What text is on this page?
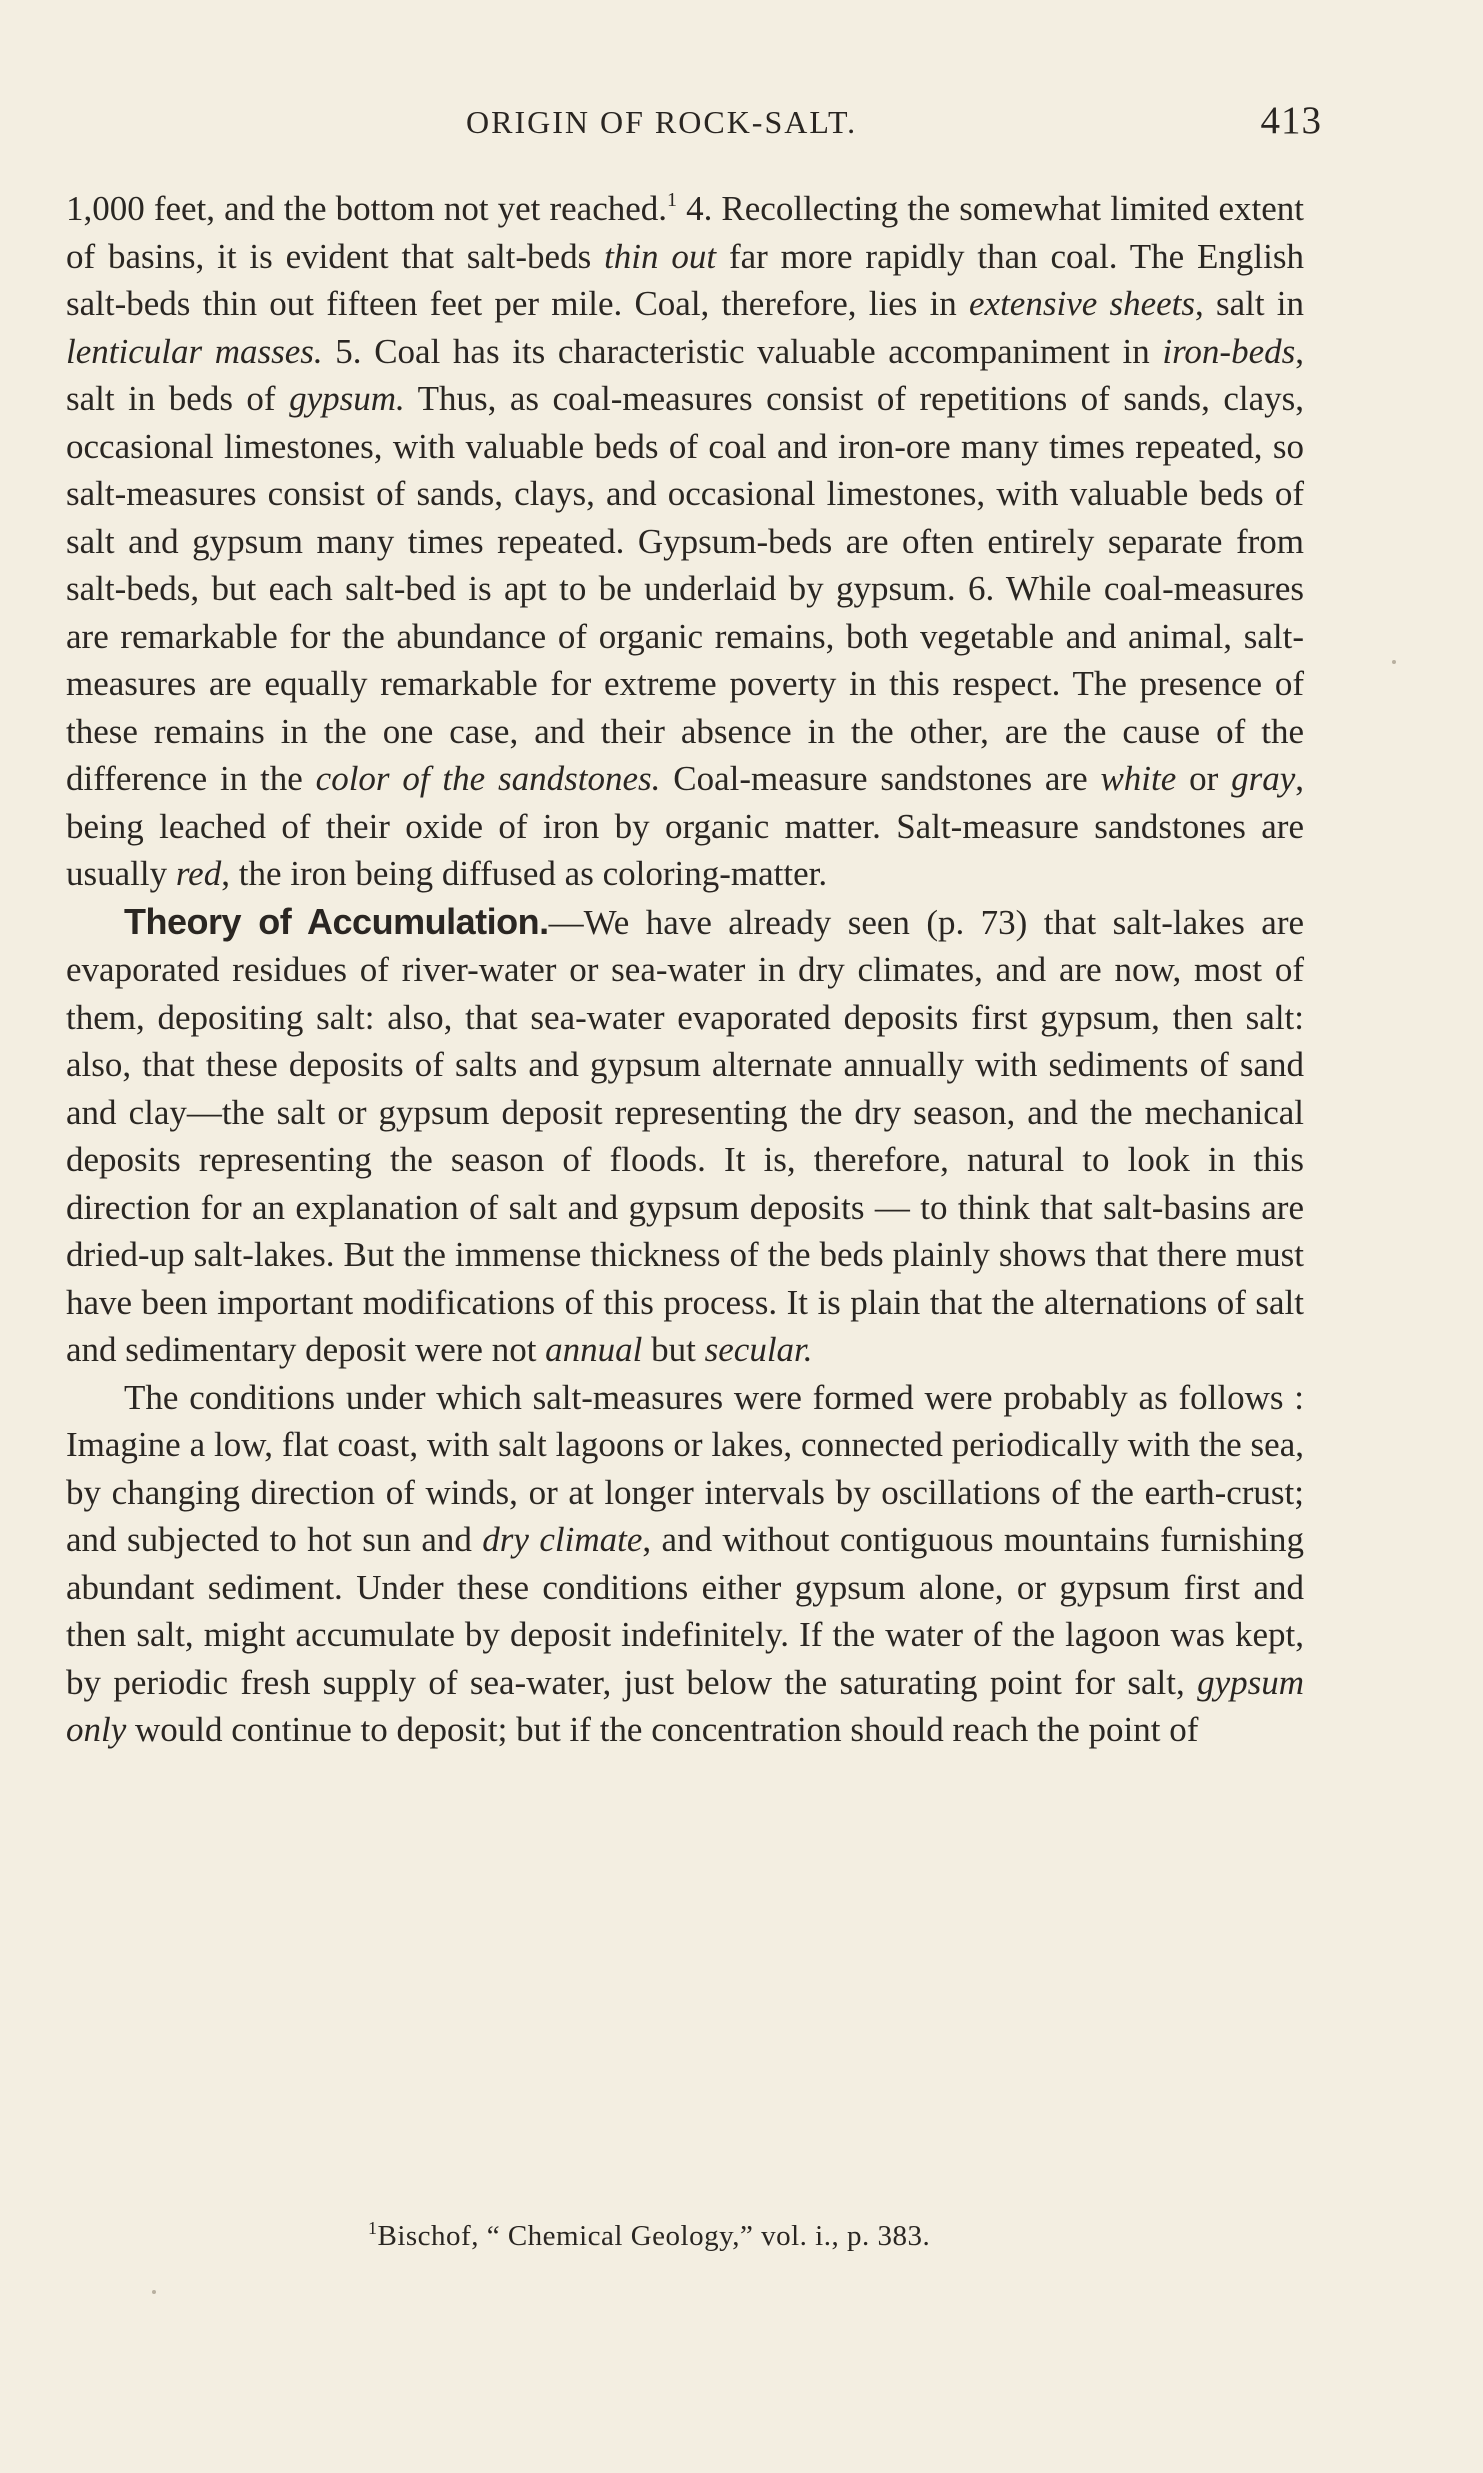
ORIGIN OF ROCK-SALT.	413

1,000 feet, and the bottom not yet reached.$^1$ 4. Recollecting the somewhat limited extent of basins, it is evident that salt-beds thin out far more rapidly than coal. The English salt-beds thin out fifteen feet per mile. Coal, therefore, lies in extensive sheets, salt in lenticular masses. 5. Coal has its characteristic valuable accompaniment in iron-beds, salt in beds of gypsum. Thus, as coal-measures consist of repetitions of sands, clays, occasional limestones, with valuable beds of coal and iron-ore many times repeated, so salt-measures consist of sands, clays, and occasional limestones, with valuable beds of salt and gypsum many times repeated. Gypsum-beds are often entirely separate from salt-beds, but each salt-bed is apt to be underlaid by gypsum. 6. While coal-measures are remarkable for the abundance of organic remains, both vegetable and animal, salt-measures are equally remarkable for extreme poverty in this respect. The presence of these remains in the one case, and their absence in the other, are the cause of the difference in the color of the sandstones. Coal-measure sandstones are white or gray, being leached of their oxide of iron by organic matter. Salt-measure sandstones are usually red, the iron being diffused as coloring-matter.

Theory of Accumulation.—We have already seen (p. 73) that salt-lakes are evaporated residues of river-water or sea-water in dry climates, and are now, most of them, depositing salt: also, that sea-water evaporated deposits first gypsum, then salt: also, that these deposits of salts and gypsum alternate annually with sediments of sand and clay—the salt or gypsum deposit representing the dry season, and the mechanical deposits representing the season of floods. It is, therefore, natural to look in this direction for an explanation of salt and gypsum deposits — to think that salt-basins are dried-up salt-lakes. But the immense thickness of the beds plainly shows that there must have been important modifications of this process. It is plain that the alternations of salt and sedimentary deposit were not annual but secular.

The conditions under which salt-measures were formed were probably as follows : Imagine a low, flat coast, with salt lagoons or lakes, connected periodically with the sea, by changing direction of winds, or at longer intervals by oscillations of the earth-crust; and subjected to hot sun and dry climate, and without contiguous mountains furnishing abundant sediment. Under these conditions either gypsum alone, or gypsum first and then salt, might accumulate by deposit indefinitely. If the water of the lagoon was kept, by periodic fresh supply of sea-water, just below the saturating point for salt, gypsum only would continue to deposit; but if the concentration should reach the point of

$^1$Bischof, “ Chemical Geology,” vol. i., p. 383.
